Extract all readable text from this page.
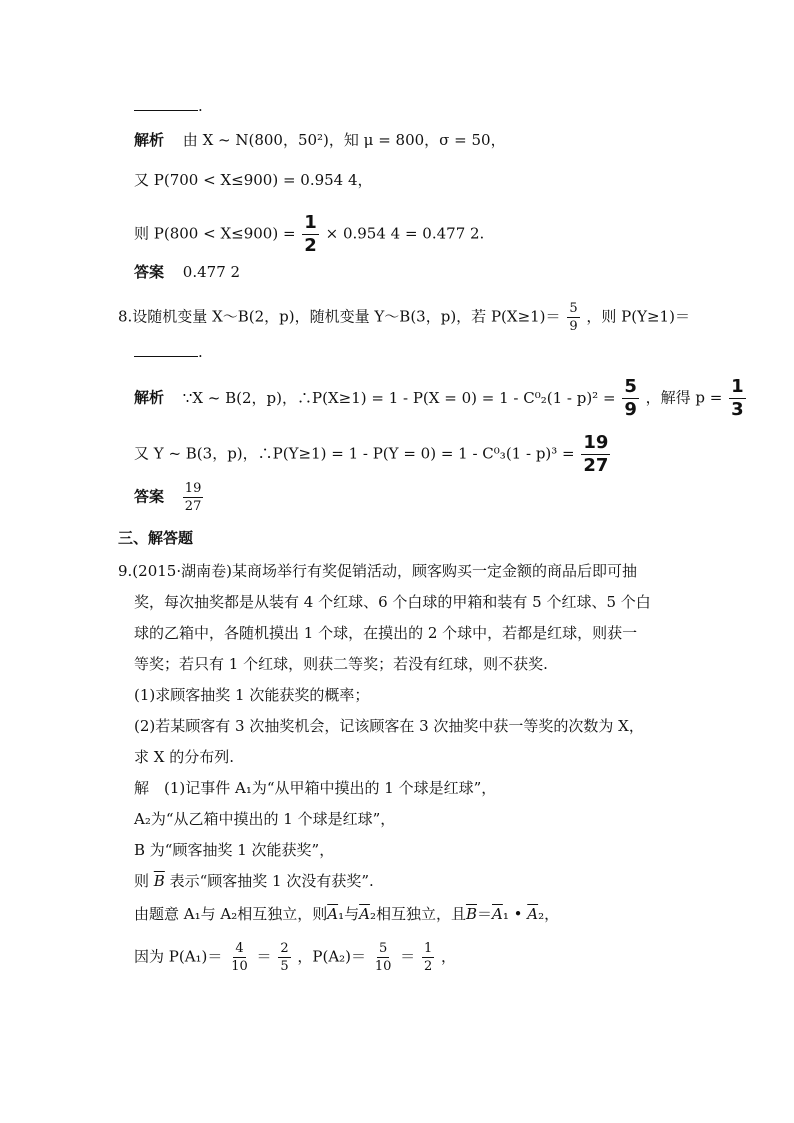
.
解析 由 X ~ N(800，50²)，知 μ = 800，σ = 50，
又 P(700 < X≤900) = 0.954 4，
则 $P(800 < X\le 900) = \frac{1}{2} \times 0.954$ 4 = 0.477 2.
答案 0.477 2
8.设随机变量 X～B(2，p)，随机变量 Y～B(3，p)，若 $P(X\ge 1)= \frac{5}{9}$ ，则 P(Y≥1)＝
.
解析 ∵X ~ B(2，p)，∴P(X≥1) = $1 - P(X = 0) = 1 - C^0_2(1 - p)^2 = \frac{5}{9}$ ，解得 $p = \frac{1}{3}$
又 Y ~ B(3，p)，∴P(Y≥1) = $1 - P(Y = 0) = 1 - C^0_3(1 - p)^3 = \frac{19}{27}$
答案 $\frac{19}{27}$
三、解答题
9.(2015·湖南卷)某商场举行有奖促销活动，顾客购买一定金额的商品后即可抽
奖，每次抽奖都是从装有 4 个红球、6 个白球的甲箱和装有 5 个红球、5 个白
球的乙箱中，各随机摸出 1 个球，在摸出的 2 个球中，若都是红球，则获一
等奖；若只有 1 个红球，则获二等奖；若没有红球，则不获奖.
(1)求顾客抽奖 1 次能获奖的概率；
(2)若某顾客有 3 次抽奖机会，记该顾客在 3 次抽奖中获一等奖的次数为 X，
求 X 的分布列.
解　(1)记事件 A₁为“从甲箱中摸出的 1 个球是红球”，
A₂为“从乙箱中摸出的 1 个球是红球”，
B 为“顾客抽奖 1 次能获奖”，
则 $\overline{B}$ 表示“顾客抽奖 1 次没有获奖”.
由题意 A₁与 A₂相互独立，则$\overline{A}_1$与$\overline{A}_2$相互独立，且$\overline{B}=\overline{A}_1$ • $\overline{A}_2$，
因为 $P(A_1)= \frac{4}{10} = \frac{2}{5}$ ，$P(A_2)= \frac{5}{10} = \frac{1}{2}$ ，
